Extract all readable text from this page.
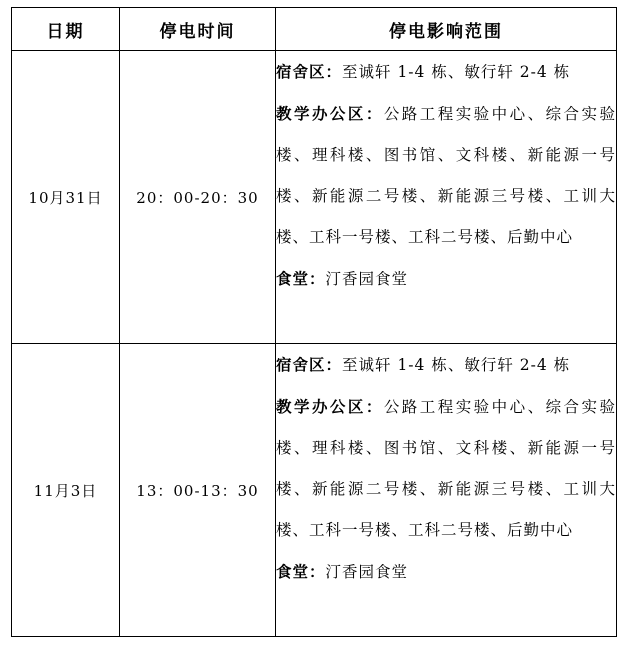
日期	停电时间	停电影响范围
10月31日	20：00-20：30	宿舍区：至诚轩 1-4 栋、敏行轩 2-4 栋
教学办公区：公路工程实验中心、综合实验楼、理科楼、图书馆、文科楼、新能源一号楼、新能源二号楼、新能源三号楼、工训大楼、工科一号楼、工科二号楼、后勤中心
食堂：汀香园食堂

11月3日	13：00-13：30	宿舍区：至诚轩 1-4 栋、敏行轩 2-4 栋
教学办公区：公路工程实验中心、综合实验楼、理科楼、图书馆、文科楼、新能源一号楼、新能源二号楼、新能源三号楼、工训大楼、工科一号楼、工科二号楼、后勤中心
食堂：汀香园食堂
